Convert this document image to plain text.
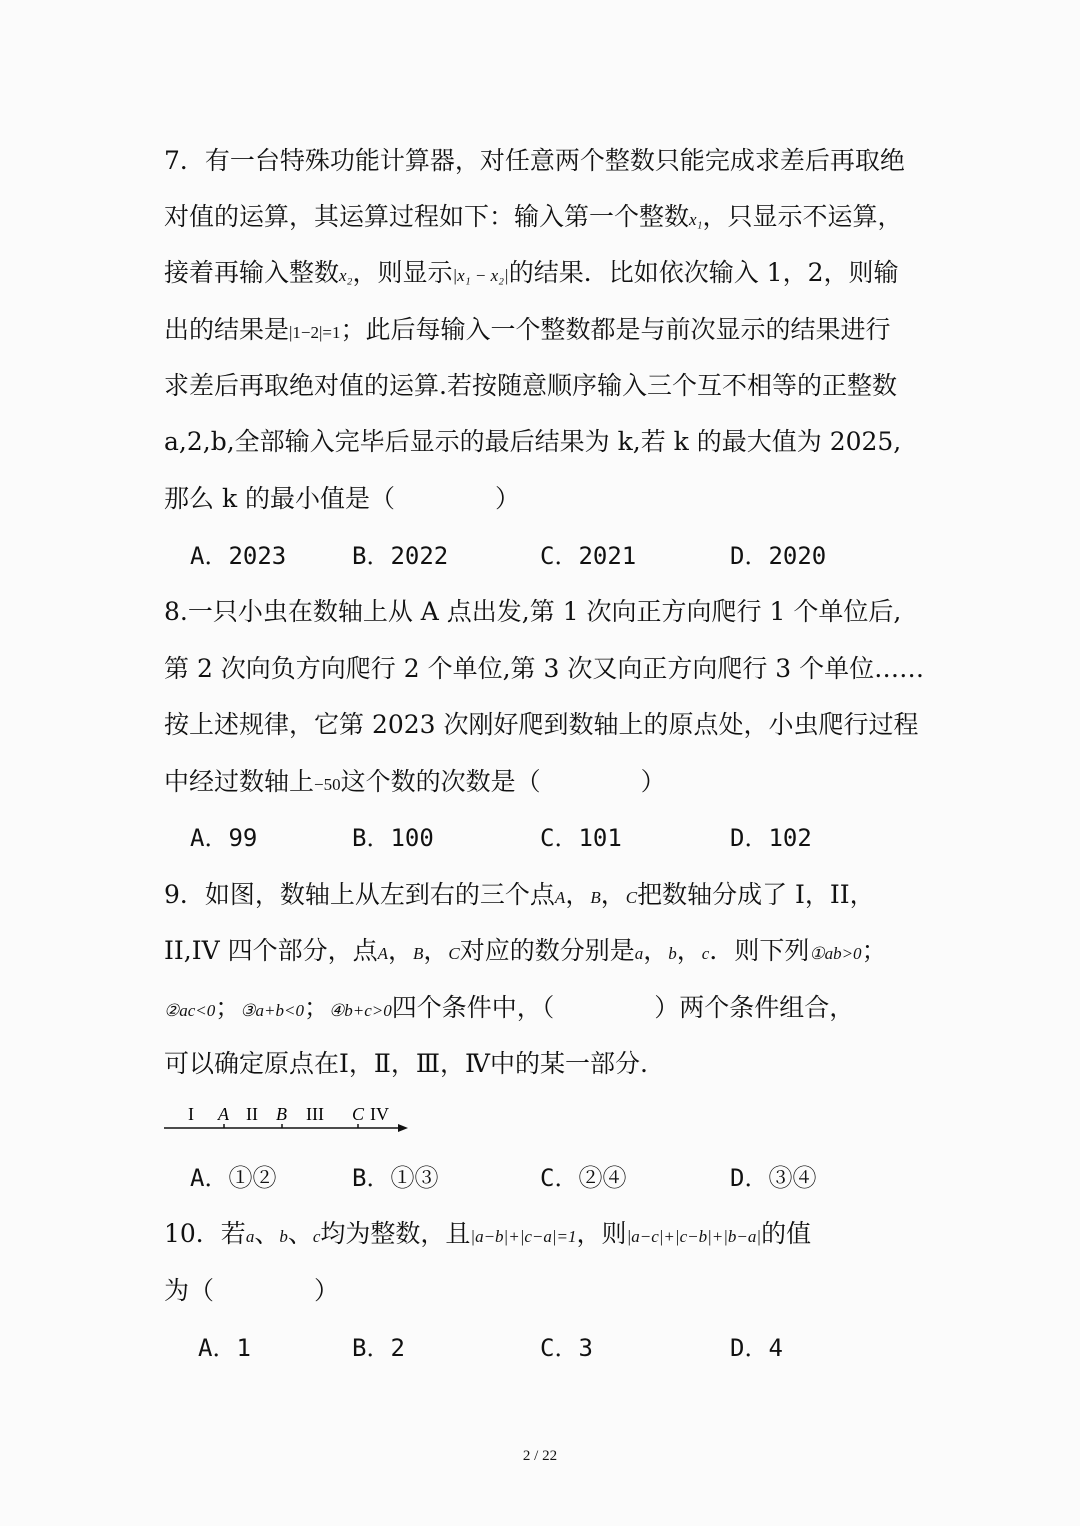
7．有一台特殊功能计算器，对任意两个整数只能完成求差后再取绝
对值的运算，其运算过程如下：输入第一个整数x₁，只显示不运算，
接着再输入整数x₂，则显示|x₁ − x₂|的结果．比如依次输入 1，2，则输
出的结果是|1−2|=1；此后每输入一个整数都是与前次显示的结果进行
求差后再取绝对值的运算.若按随意顺序输入三个互不相等的正整数
a,2,b,全部输入完毕后显示的最后结果为 k,若 k 的最大值为 2025,
那么 k 的最小值是（　　　　）
A．2023	B．2022	C．2021	D．2020
8.一只小虫在数轴上从 A 点出发,第 1 次向正方向爬行 1 个单位后,
第 2 次向负方向爬行 2 个单位,第 3 次又向正方向爬行 3 个单位……
按上述规律，它第 2023 次刚好爬到数轴上的原点处，小虫爬行过程
中经过数轴上−50这个数的次数是（　　　　）
A．99	B．100	C．101	D．102
9．如图，数轴上从左到右的三个点A，B，C把数轴分成了 I，II，
II,IV 四个部分，点A，B，C对应的数分别是a，b，c．则下列①ab>0；
②ac<0；③a+b<0；④b+c>0四个条件中，（　　　　）两个条件组合，
可以确定原点在Ⅰ，Ⅱ，Ⅲ，Ⅳ中的某一部分.
I A II B III C IV
A．①②	B．①③	C．②④	D．③④
10．若a、b、c均为整数，且|a−b|+|c−a|=1，则|a−c|+|c−b|+|b−a|的值
为（　　　　）
A．1	B．2	C．3	D．4
2 / 22
